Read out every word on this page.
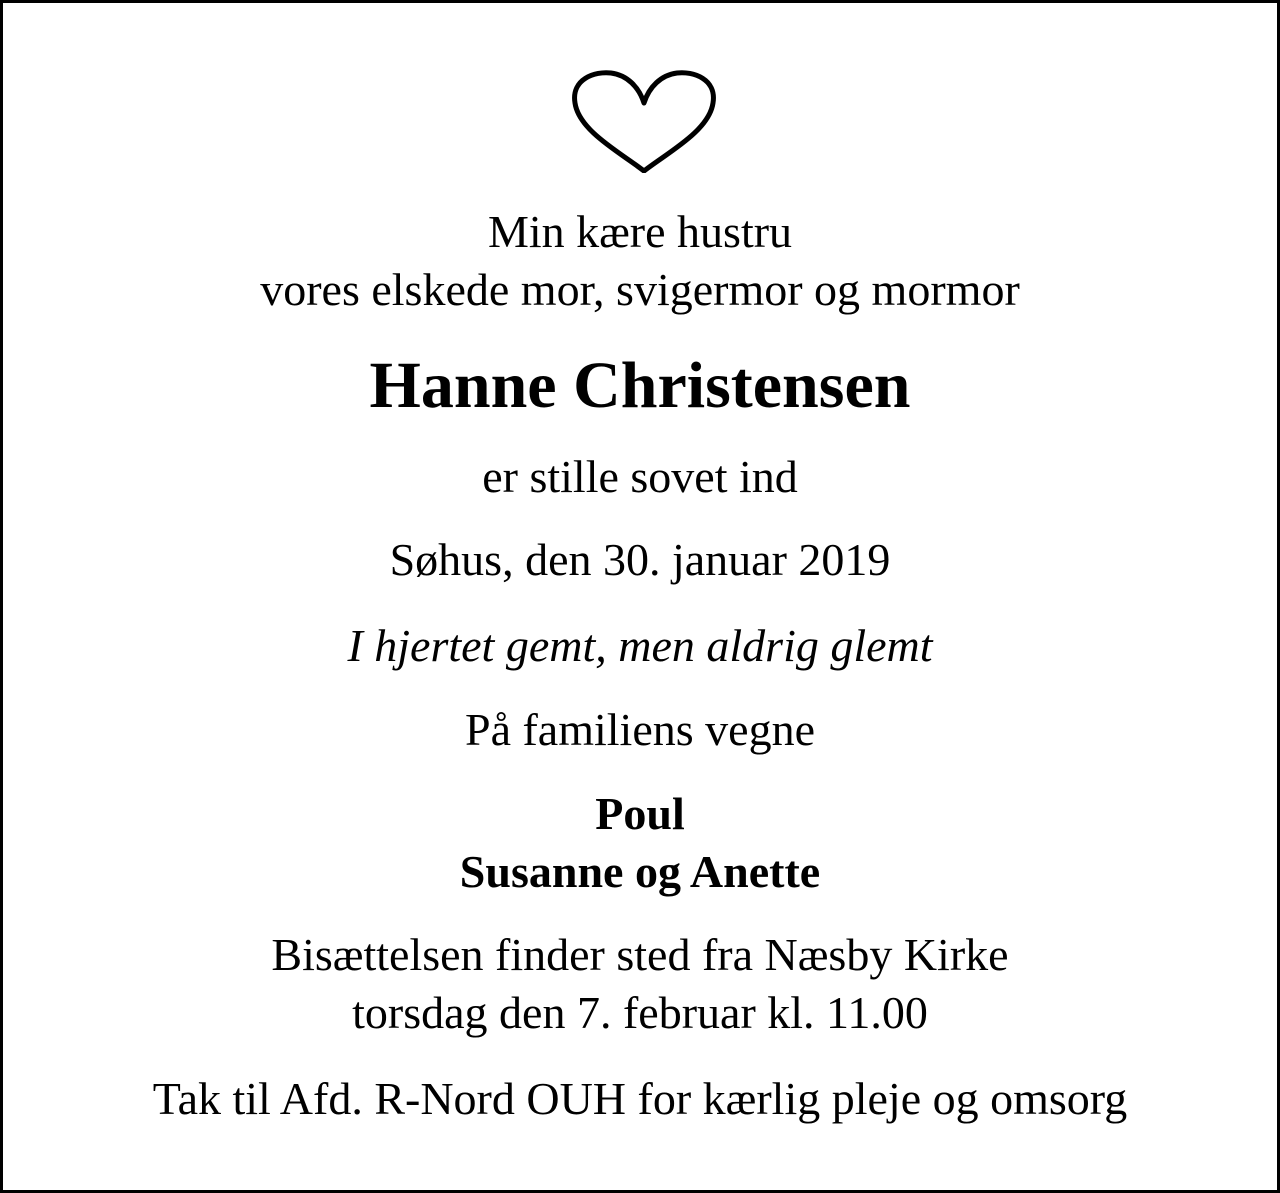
Min kære hustru
vores elskede mor, svigermor og mormor
Hanne Christensen
er stille sovet ind
Søhus, den 30. januar 2019
I hjertet gemt, men aldrig glemt
På familiens vegne
Poul
Susanne og Anette
Bisættelsen finder sted fra Næsby Kirke
torsdag den 7. februar kl. 11.00
Tak til Afd. R-Nord OUH for kærlig pleje og omsorg
